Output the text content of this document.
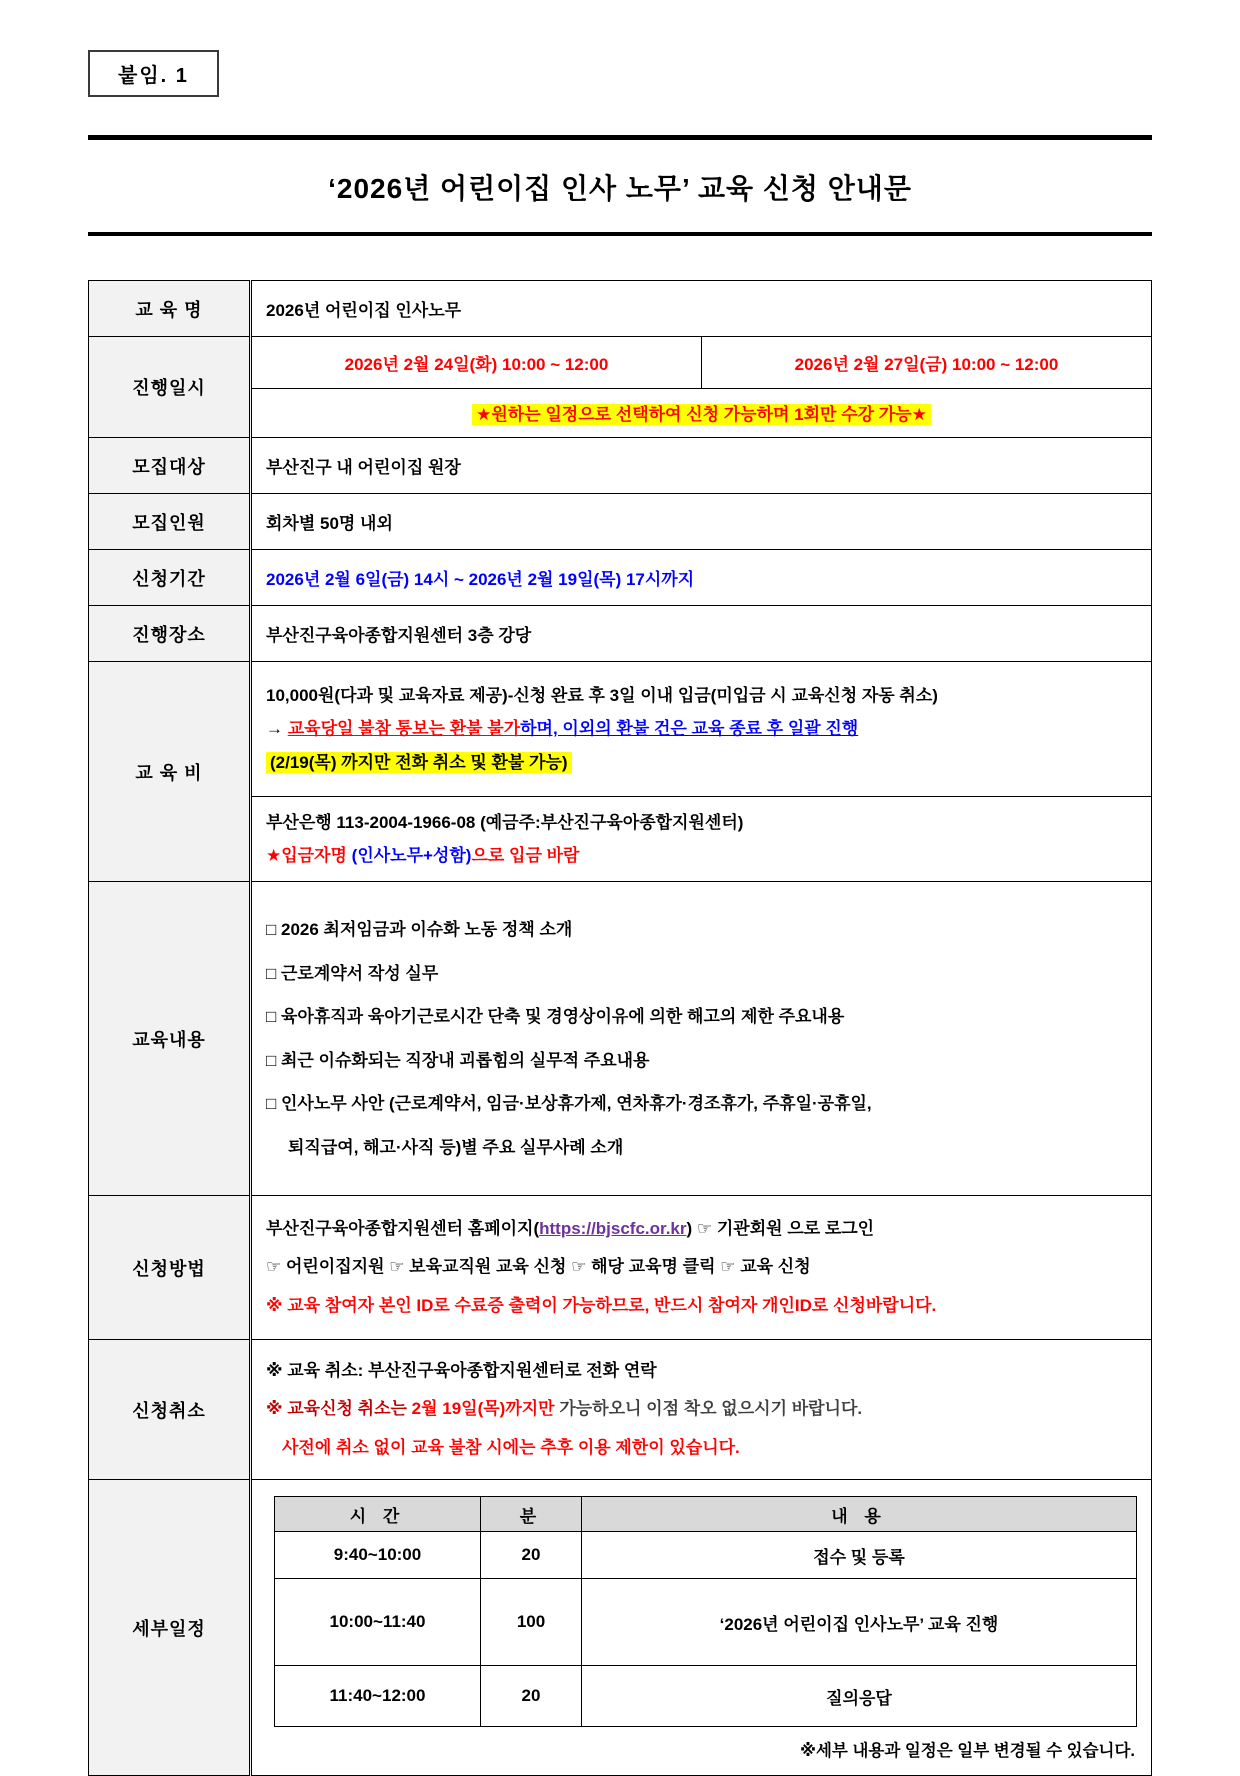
붙임. 1
‘2026년 어린이집 인사 노무’ 교육 신청 안내문
교 육 명	2026년 어린이집 인사노무
진행일시	
2026년 2월 24일(화) 10:00 ~ 12:00	2026년 2월 27일(금) 10:00 ~ 12:00
★원하는 일정으로 선택하여 신청 가능하며 1회만 수강 가능★

모집대상	부산진구 내 어린이집 원장
모집인원	회차별 50명 내외
신청기간	2026년 2월 6일(금) 14시 ~ 2026년 2월 19일(목) 17시까지
진행장소	부산진구육아종합지원센터 3층 강당
교 육 비	
10,000원(다과 및 교육자료 제공)-신청 완료 후 3일 이내 입금(미입금 시 교육신청 자동 취소)
→ 교육당일 불참 통보는 환불 불가하며, 이외의 환불 건은 교육 종료 후 일괄 진행
(2/19(목) 까지만 전화 취소 및 환불 가능)

부산은행 113-2004-1966-08 (예금주:부산진구육아종합지원센터)
★입금자명 (인사노무+성함)으로 입금 바람

교육내용	
□ 2026 최저임금과 이슈화 노동 정책 소개
□ 근로계약서 작성 실무
□ 육아휴직과 육아기근로시간 단축 및 경영상이유에 의한 해고의 제한 주요내용
□ 최근 이슈화되는 직장내 괴롭힘의 실무적 주요내용
□ 인사노무 사안 (근로계약서, 임금·보상휴가제, 연차휴가·경조휴가, 주휴일·공휴일,
퇴직급여, 해고·사직 등)별 주요 실무사례 소개

신청방법	
부산진구육아종합지원센터 홈페이지(https://bjscfc.or.kr) ☞ 기관회원 으로 로그인
☞ 어린이집지원 ☞ 보육교직원 교육 신청 ☞ 해당 교육명 클릭 ☞ 교육 신청
※ 교육 참여자 본인 ID로 수료증 출력이 가능하므로, 반드시 참여자 개인ID로 신청바랍니다.

신청취소	
※ 교육 취소: 부산진구육아종합지원센터로 전화 연락
※ 교육신청 취소는 2월 19일(목)까지만 가능하오니 이점 착오 없으시기 바랍니다.
사전에 취소 없이 교육 불참 시에는 추후 이용 제한이 있습니다.

세부일정	
시 간	분	내 용
9:40~10:00	20	접수 및 등록
10:00~11:40	100	‘2026년 어린이집 인사노무’ 교육 진행
11:40~12:00	20	질의응답
※세부 내용과 일정은 일부 변경될 수 있습니다.
